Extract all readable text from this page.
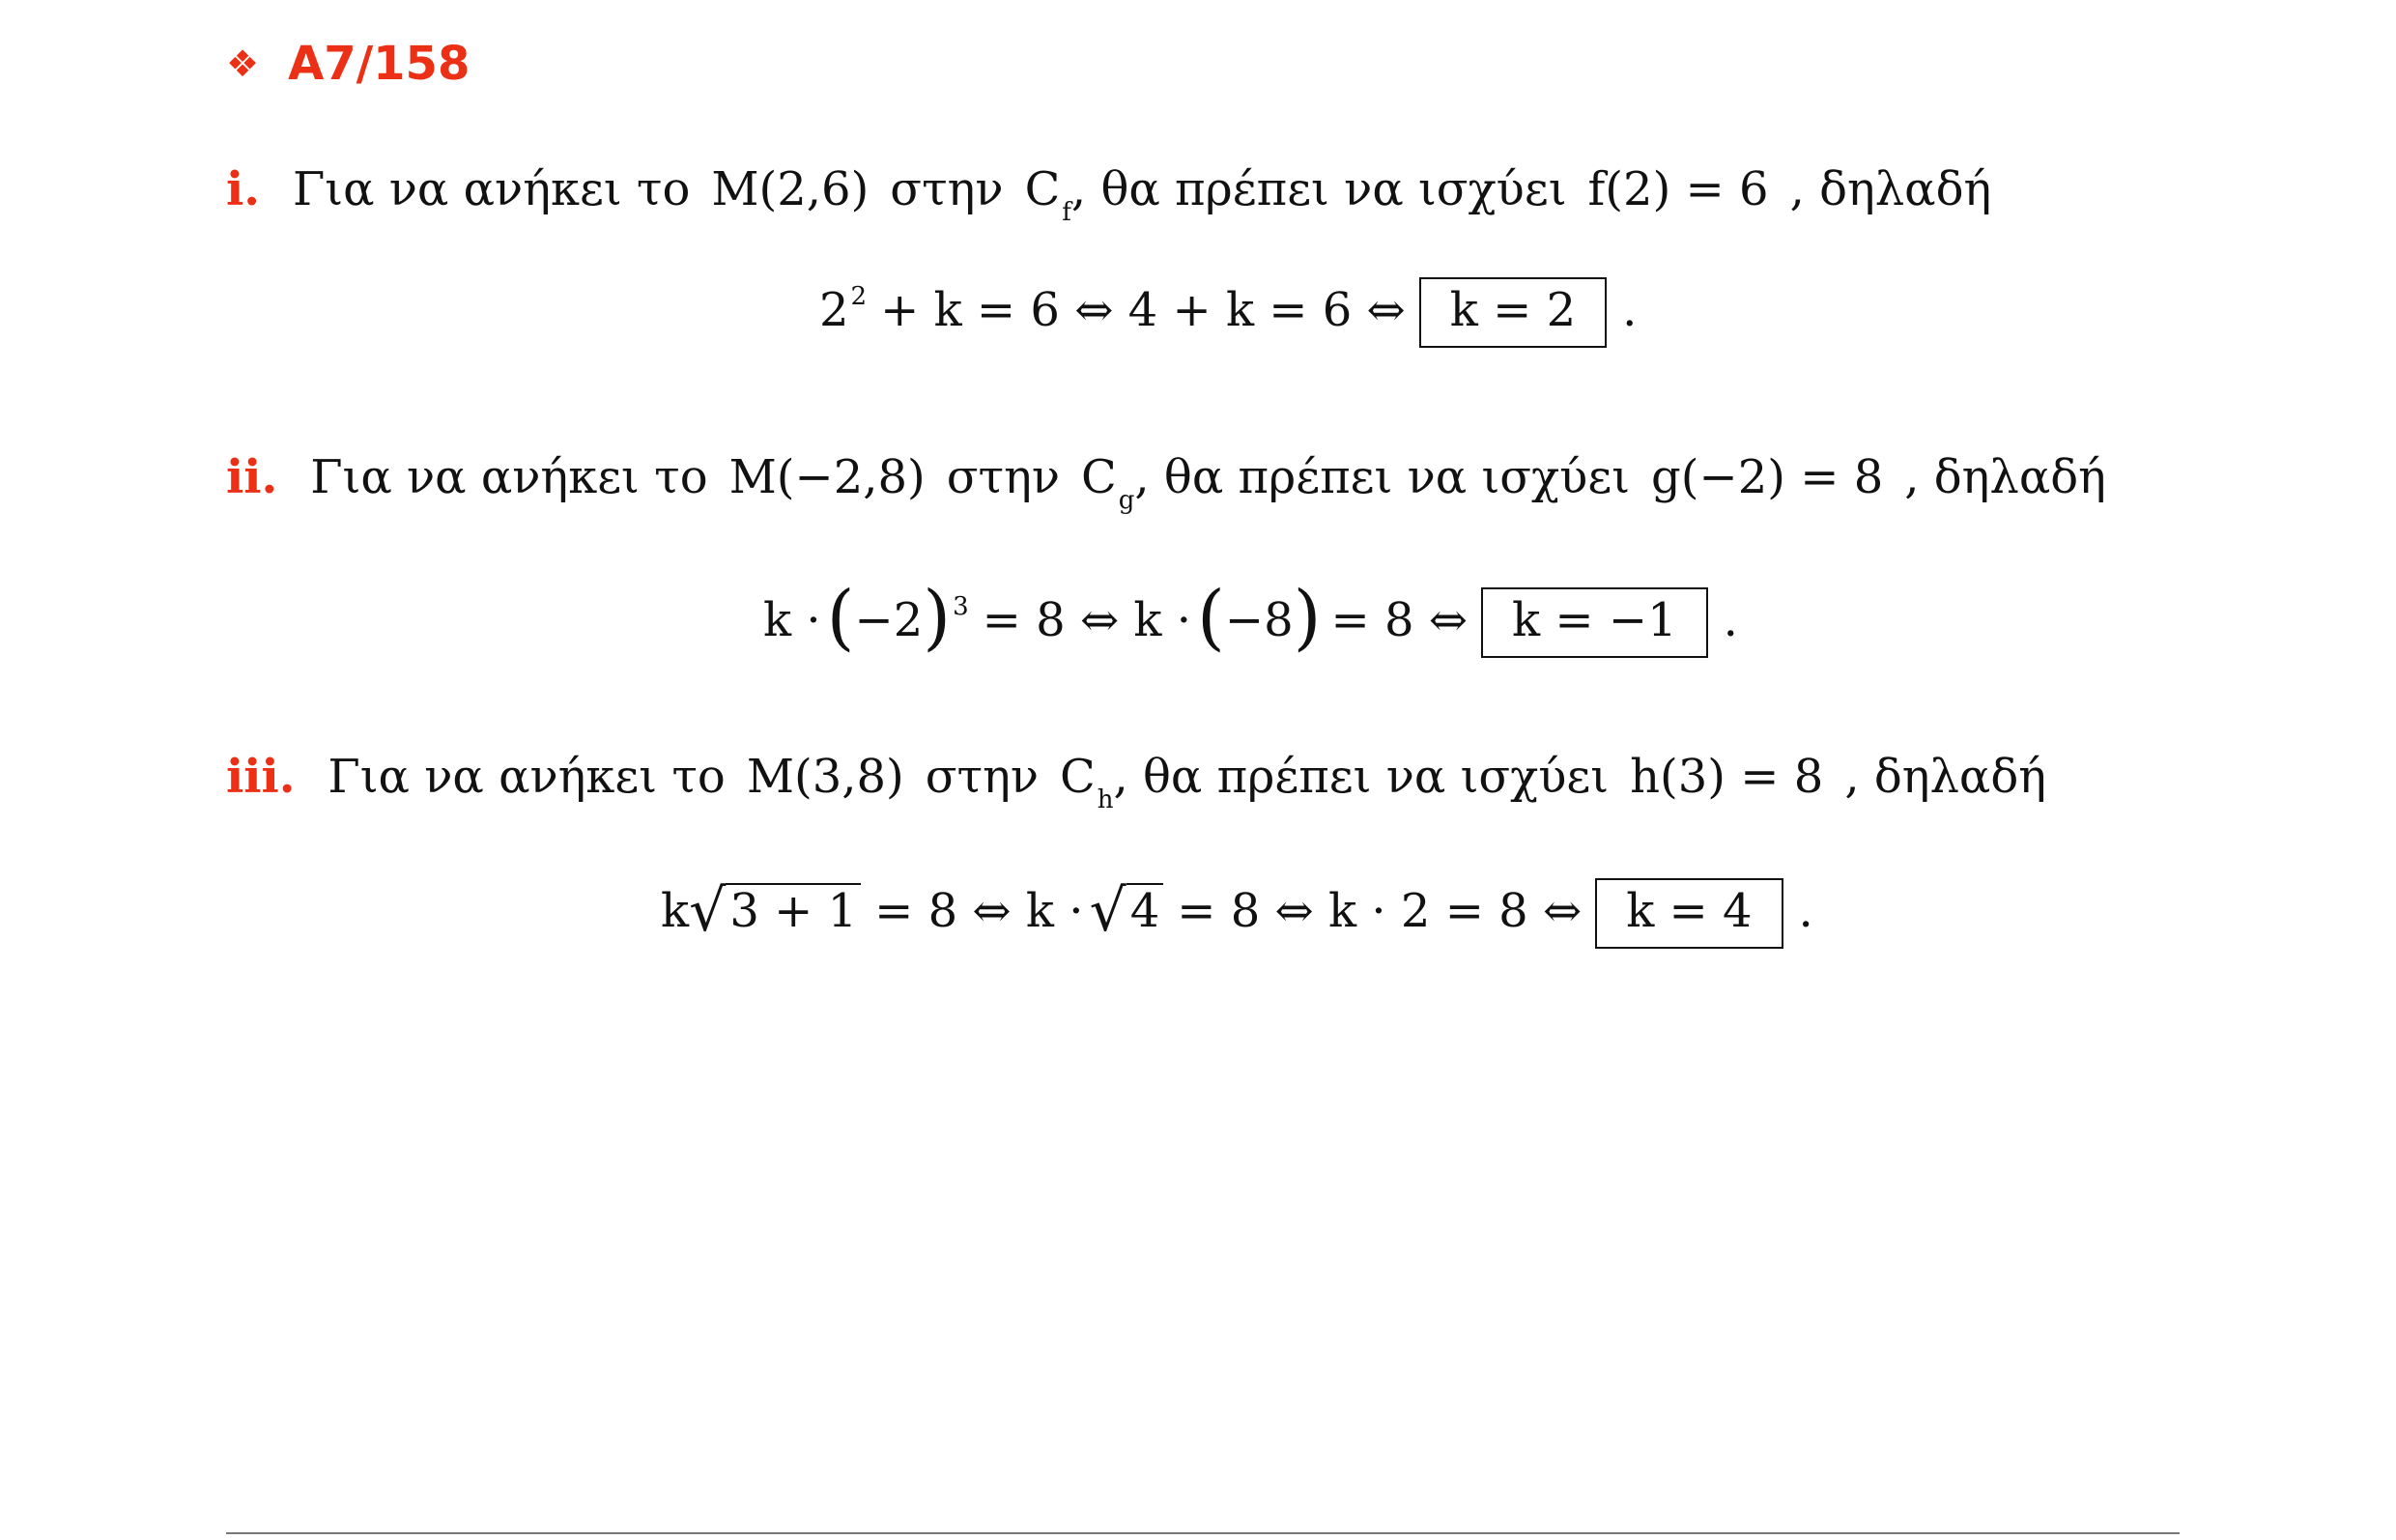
❖ A7/158
i. Για να ανήκει το M(2,6) στην C f , θα πρέπει να ισχύει f(2) = 6 , δηλαδή
2 2 + k = 6 ⇔ 4 + k = 6 ⇔ k = 2	.
ii. Για να ανήκει το M(−2,8) στην C g , θα πρέπει να ισχύει g(−2) = 8 , δηλαδή
k · ( −2 ) 3 = 8 ⇔ k · ( −8 ) = 8 ⇔ k = −1	.
iii. Για να ανήκει το M(3,8) στην C h , θα πρέπει να ισχύει h(3) = 8 , δηλαδή
k √ 3 + 1 = 8 ⇔ k · √ 4 = 8 ⇔ k · 2 = 8 ⇔ k = 4	.
